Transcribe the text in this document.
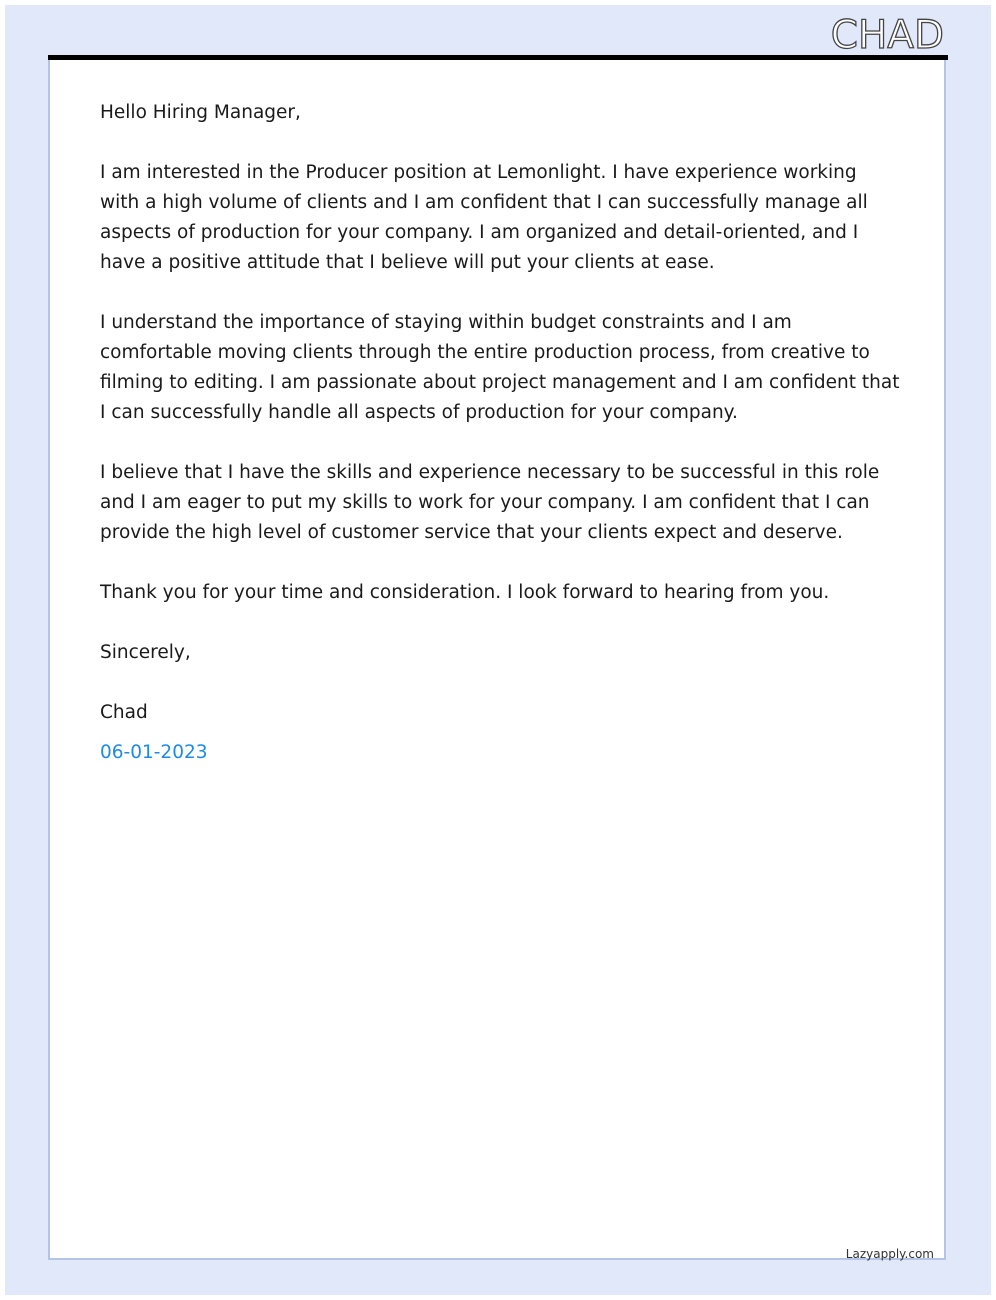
CHAD

Hello Hiring Manager,

I am interested in the Producer position at Lemonlight. I have experience working with a high volume of clients and I am confident that I can successfully manage all aspects of production for your company. I am organized and detail-oriented, and I have a positive attitude that I believe will put your clients at ease.

I understand the importance of staying within budget constraints and I am comfortable moving clients through the entire production process, from creative to filming to editing. I am passionate about project management and I am confident that I can successfully handle all aspects of production for your company.

I believe that I have the skills and experience necessary to be successful in this role and I am eager to put my skills to work for your company. I am confident that I can provide the high level of customer service that your clients expect and deserve.

Thank you for your time and consideration. I look forward to hearing from you.

Sincerely,

Chad

06-01-2023

Lazyapply.com
